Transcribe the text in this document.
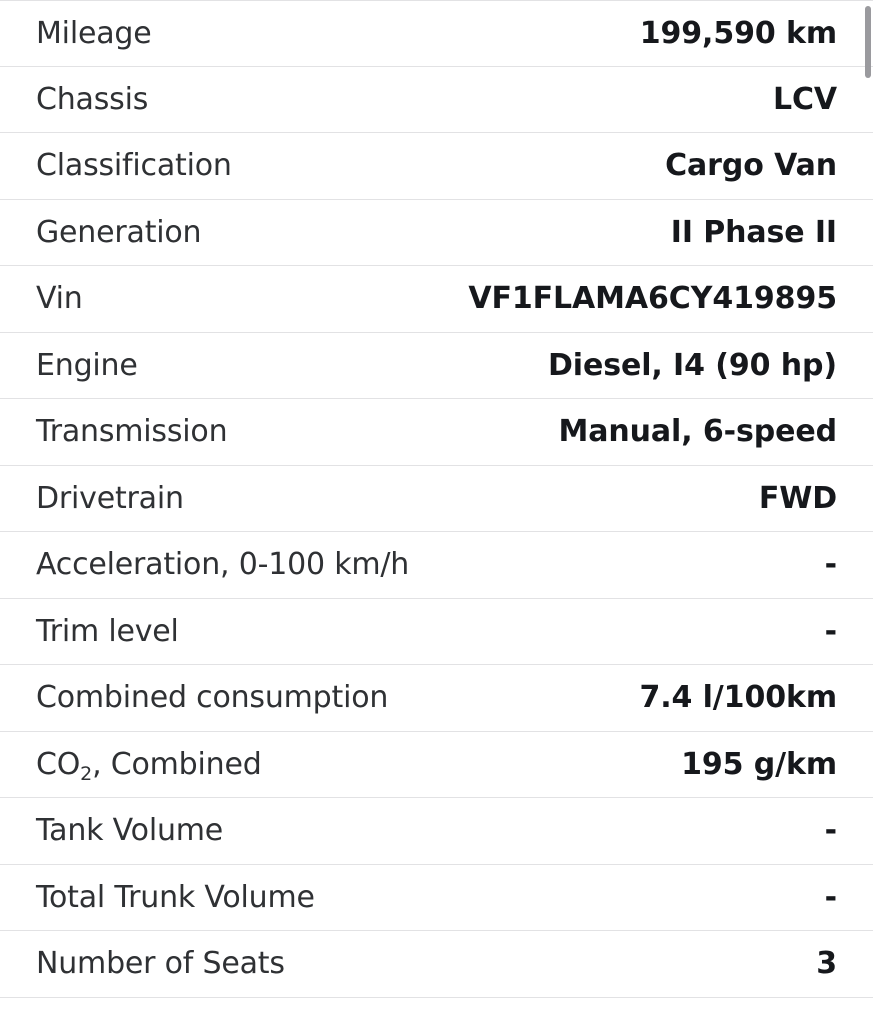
Mileage	199,590 km
Chassis	LCV
Classification	Cargo Van
Generation	II Phase II
Vin	VF1FLAMA6CY419895
Engine	Diesel, I4 (90 hp)
Transmission	Manual, 6-speed
Drivetrain	FWD
Acceleration, 0-100 km/h	-
Trim level	-
Combined consumption	7.4 l/100km
$CO_2$, Combined	195 g/km
Tank Volume	-
Total Trunk Volume	-
Number of Seats	3
